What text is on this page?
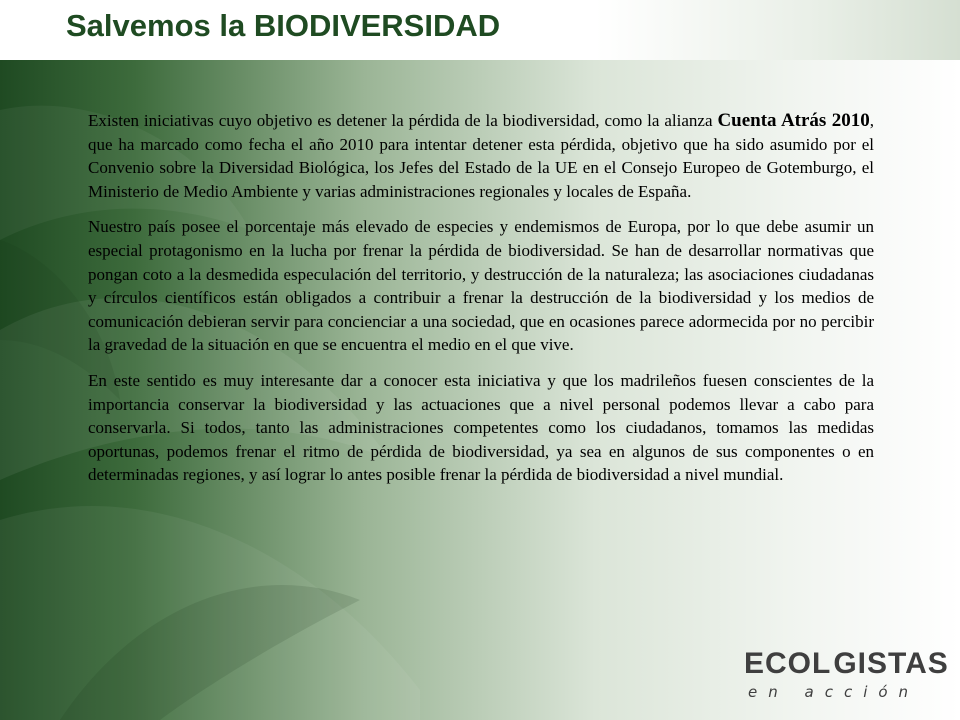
Salvemos la BIODIVERSIDAD

Existen iniciativas cuyo objetivo es detener la pérdida de la biodiversidad, como la alianza Cuenta Atrás 2010, que ha marcado como fecha el año 2010 para intentar detener esta pérdida, objetivo que ha sido asumido por el Convenio sobre la Diversidad Biológica, los Jefes del Estado de la UE en el Consejo Europeo de Gotemburgo, el Ministerio de Medio Ambiente y varias administraciones regionales y locales de España.

Nuestro país posee el porcentaje más elevado de especies y endemismos de Europa, por lo que debe asumir un especial protagonismo en la lucha por frenar la pérdida de biodiversidad. Se han de desarrollar normativas que pongan coto a la desmedida especulación del territorio, y destrucción de la naturaleza; las asociaciones ciudadanas y círculos científicos están obligados a contribuir a frenar la destrucción de la biodiversidad y los medios de comunicación debieran servir para concienciar a una sociedad, que en ocasiones parece adormecida por no percibir la gravedad de la situación en que se encuentra el medio en el que vive.

En este sentido es muy interesante dar a conocer esta iniciativa y que los madrileños fuesen conscientes de la importancia conservar la biodiversidad y las actuaciones que a nivel personal podemos llevar a cabo para conservarla. Si todos, tanto las administraciones competentes como los ciudadanos, tomamos las medidas oportunas, podemos frenar el ritmo de pérdida de biodiversidad, ya sea en algunos de sus componentes o en determinadas regiones, y así lograr lo antes posible frenar la pérdida de biodiversidad a nivel mundial.

ECOL GISTAS
en acción
